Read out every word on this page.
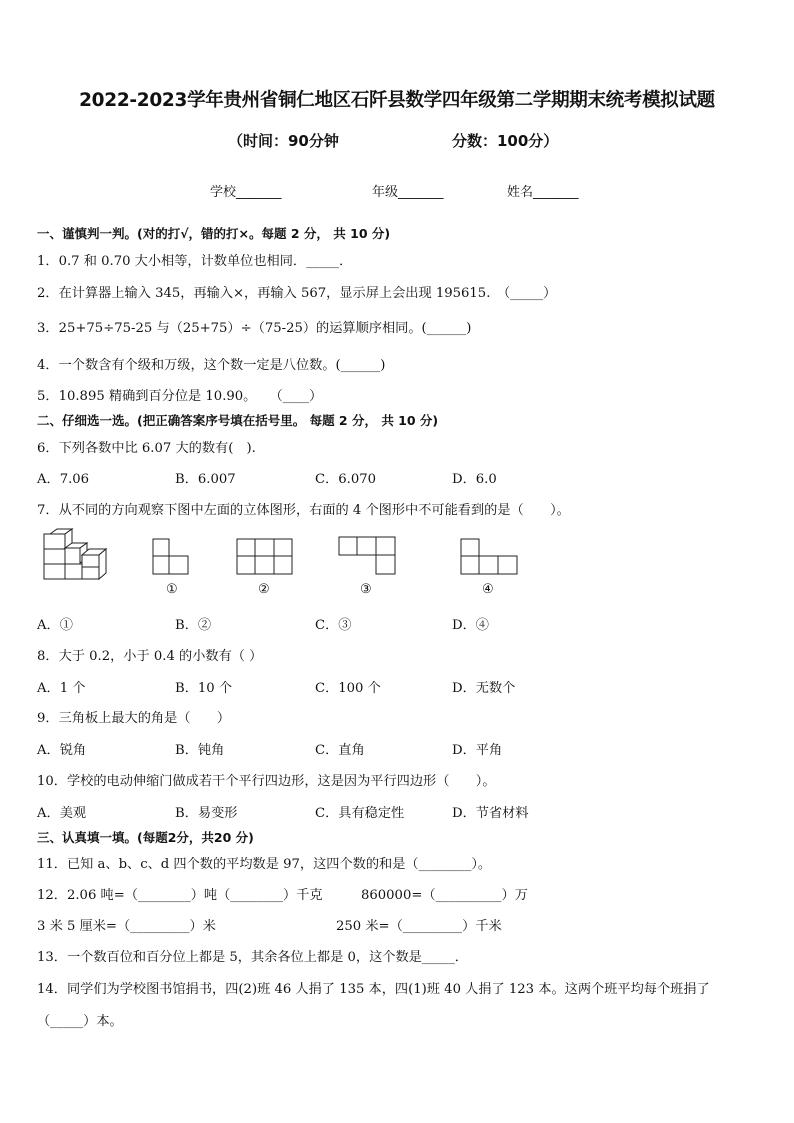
2022-2023学年贵州省铜仁地区石阡县数学四年级第二学期期末统考模拟试题
（时间：90分钟	分数：100分）
学校_______	年级_______	姓名_______
一、谨慎判一判。(对的打√，错的打×。每题 2 分， 共 10 分)
1．0.7 和 0.70 大小相等，计数单位也相同．_____．
2．在计算器上输入 345，再输入×，再输入 567，显示屏上会出现 195615.　（_____）
3．25+75÷75-25 与（25+75）÷（75-25）的运算顺序相同。(______)
4．一个数含有个级和万级，这个数一定是八位数。(______)
5．10.895 精确到百分位是 10.90。　　（____）
二、仔细选一选。(把正确答案序号填在括号里。 每题 2 分， 共 10 分)
6．下列各数中比 6.07 大的数有(　).
A．7.06	B．6.007	C．6.070	D．6.0
7．从不同的方向观察下图中左面的立体图形，右面的 4 个图形中不可能看到的是（　　）。
①	②	③	④
A．①	B．②	C．③	D．④
8．大于 0.2，小于 0.4 的小数有（ ）
A．1 个	B．10 个	C．100 个	D．无数个
9．三角板上最大的角是（　　）
A．锐角	B．钝角	C．直角	D．平角
10．学校的电动伸缩门做成若干个平行四边形，这是因为平行四边形（　　）。
A．美观	B．易变形	C．具有稳定性	D．节省材料
三、认真填一填。(每题2分，共20 分)
11．已知 a、b、c、d 四个数的平均数是 97，这四个数的和是（________）。
12．2.06 吨=（________）吨（________）千克	860000=（__________）万
3 米 5 厘米=（_________）米	250 米=（_________）千米
13．一个数百位和百分位上都是 5，其余各位上都是 0，这个数是_____．
14．同学们为学校图书馆捐书，四(2)班 46 人捐了 135 本，四(1)班 40 人捐了 123 本。这两个班平均每个班捐了
（_____）本。
